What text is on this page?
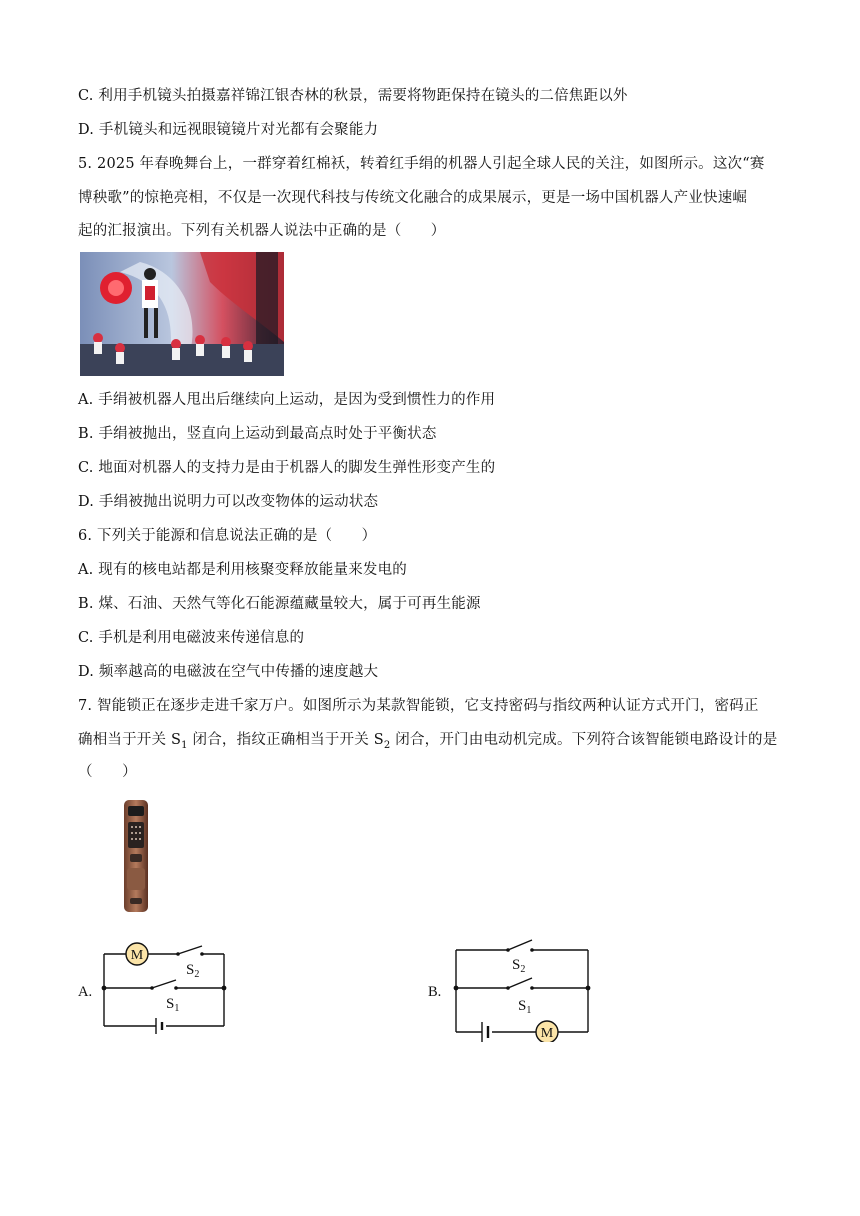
C. 利用手机镜头拍摄嘉祥锦江银杏林的秋景，需要将物距保持在镜头的二倍焦距以外
D. 手机镜头和远视眼镜镜片对光都有会聚能力
5. 2025 年春晚舞台上，一群穿着红棉袄，转着红手绢的机器人引起全球人民的关注，如图所示。这次“赛
博秧歌”的惊艳亮相，不仅是一次现代科技与传统文化融合的成果展示，更是一场中国机器人产业快速崛
起的汇报演出。下列有关机器人说法中正确的是（　　）
A. 手绢被机器人甩出后继续向上运动，是因为受到惯性力的作用
B. 手绢被抛出，竖直向上运动到最高点时处于平衡状态
C. 地面对机器人的支持力是由于机器人的脚发生弹性形变产生的
D. 手绢被抛出说明力可以改变物体的运动状态
6. 下列关于能源和信息说法正确的是（　　）
A. 现有的核电站都是利用核聚变释放能量来发电的
B. 煤、石油、天然气等化石能源蕴藏量较大，属于可再生能源
C. 手机是利用电磁波来传递信息的
D. 频率越高的电磁波在空气中传播的速度越大
7. 智能锁正在逐步走进千家万户。如图所示为某款智能锁，它支持密码与指纹两种认证方式开门，密码正
确相当于开关 $S_1$ 闭合，指纹正确相当于开关 $S_2$ 闭合，开门由电动机完成。下列符合该智能锁电路设计的是
（　　）
A.
M
$S_2$
$S_1$
B.
M
$S_2$
$S_1$
